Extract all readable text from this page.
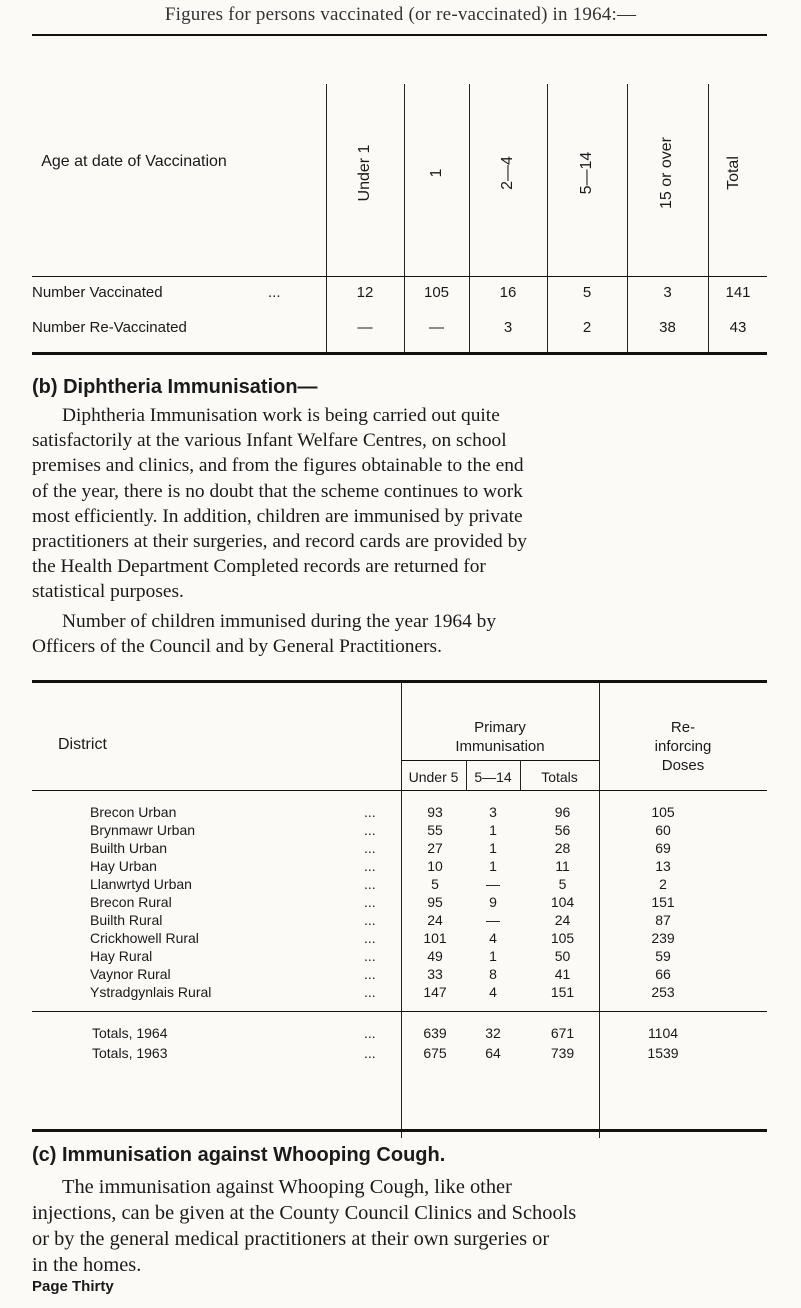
Figures for persons vaccinated (or re-vaccinated) in 1964:—
Age at date of Vaccination	Under 1	1	2—4	5—14	15 or over	Total
Number Vaccinated	...	12	105	16	5	3	141
Number Re-Vaccinated	—	—	3	2	38	43
(b) Diphtheria Immunisation—
Diphtheria Immunisation work is being carried out quite
satisfactorily at the various Infant Welfare Centres, on school
premises and clinics, and from the figures obtainable to the end
of the year, there is no doubt that the scheme continues to work
most efficiently. In addition, children are immunised by private
practitioners at their surgeries, and record cards are provided by
the Health Department Completed records are returned for
statistical purposes.
Number of children immunised during the year 1964 by
Officers of the Council and by General Practitioners.
District
Primary
Immunisation
Re-
inforcing
Doses
Under 5	5—14	Totals
Brecon Urban	...	93	3	96	105
Brynmawr Urban	...	55	1	56	60
Builth Urban	...	27	1	28	69
Hay Urban	...	10	1	11	13
Llanwrtyd Urban	...	5	—	5	2
Brecon Rural	...	95	9	104	151
Builth Rural	...	24	—	24	87
Crickhowell Rural	...	101	4	105	239
Hay Rural	...	49	1	50	59
Vaynor Rural	...	33	8	41	66
Ystradgynlais Rural	...	147	4	151	253
Totals, 1964	...	639	32	671	1104
Totals, 1963	...	675	64	739	1539
(c) Immunisation against Whooping Cough.
The immunisation against Whooping Cough, like other
injections, can be given at the County Council Clinics and Schools
or by the general medical practitioners at their own surgeries or
in the homes.
Page Thirty
